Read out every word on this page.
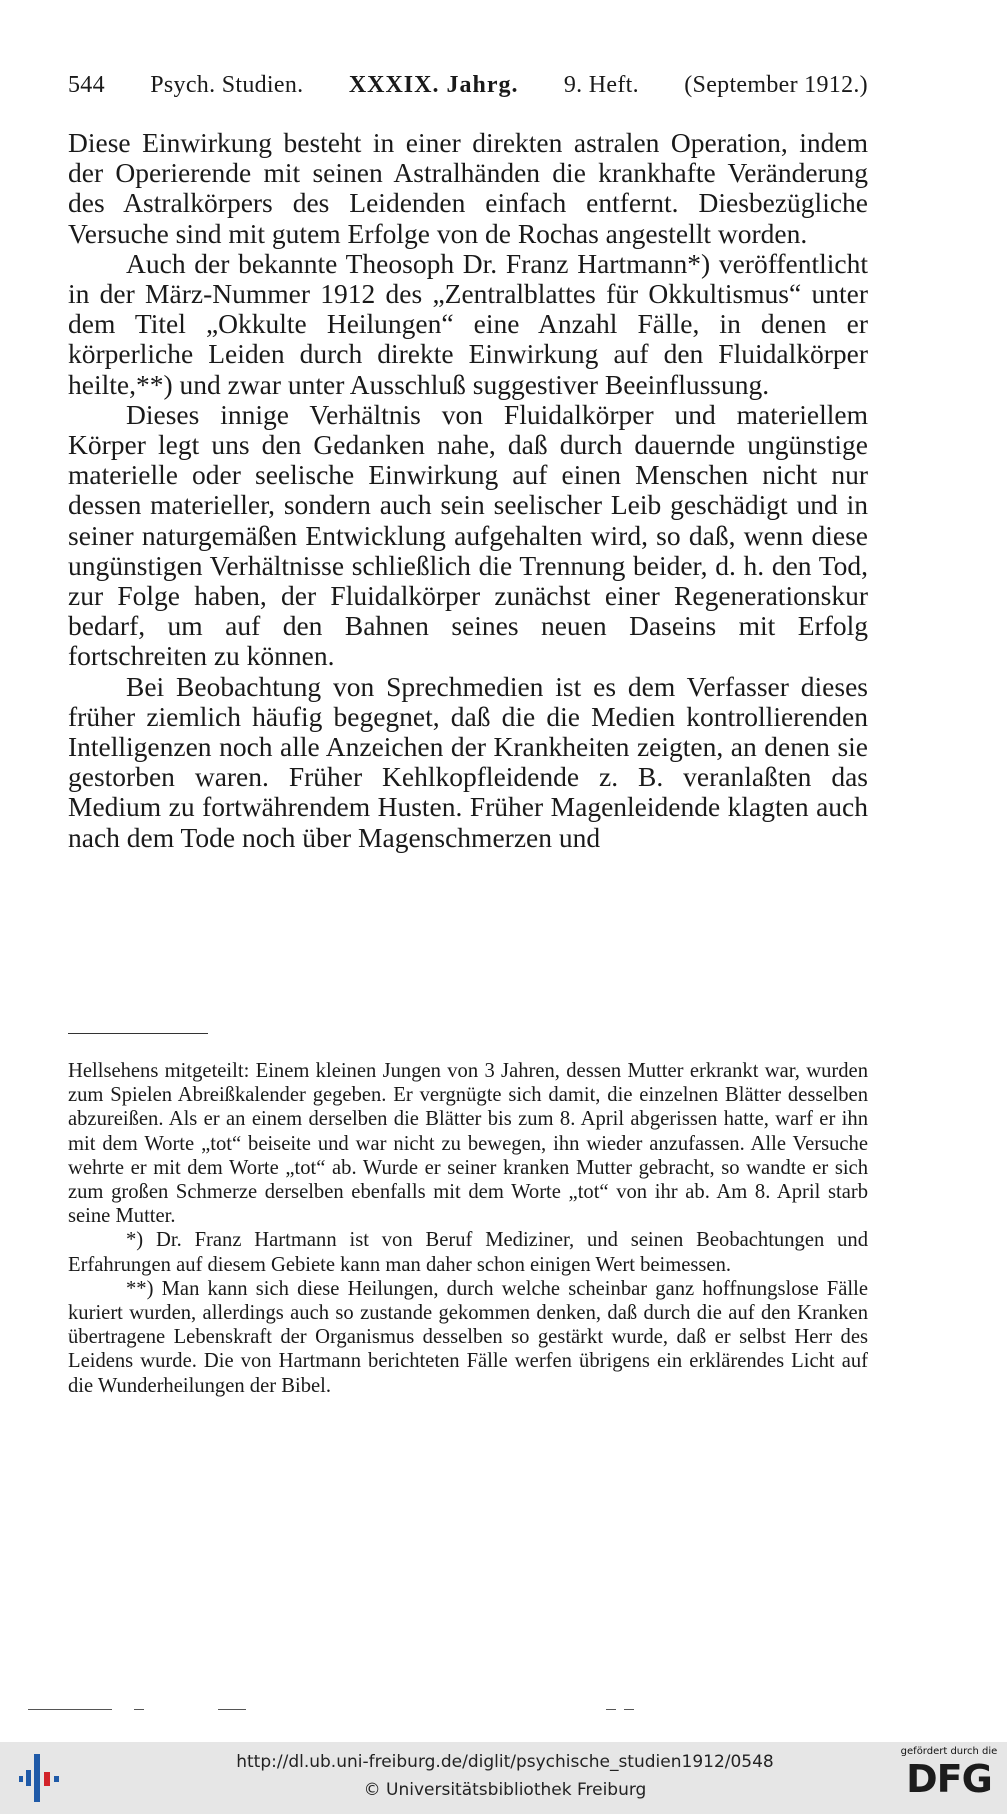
544 Psych. Studien. XXXIX. Jahrg. 9. Heft. (September 1912.)

Diese Einwirkung besteht in einer direkten astralen Operation, indem der Operierende mit seinen Astralhänden die krankhafte Veränderung des Astralkörpers des Leidenden einfach entfernt. Diesbezügliche Versuche sind mit gutem Erfolge von de Rochas angestellt worden.

Auch der bekannte Theosoph Dr. Franz Hartmann*) veröffentlicht in der März-Nummer 1912 des „Zentralblattes für Okkultismus“ unter dem Titel „Okkulte Heilungen“ eine Anzahl Fälle, in denen er körperliche Leiden durch direkte Einwirkung auf den Fluidalkörper heilte,**) und zwar unter Ausschluß suggestiver Beeinflussung.

Dieses innige Verhältnis von Fluidalkörper und materiellem Körper legt uns den Gedanken nahe, daß durch dauernde ungünstige materielle oder seelische Einwirkung auf einen Menschen nicht nur dessen materieller, sondern auch sein seelischer Leib geschädigt und in seiner naturgemäßen Entwicklung aufgehalten wird, so daß, wenn diese ungünstigen Verhältnisse schließlich die Trennung beider, d. h. den Tod, zur Folge haben, der Fluidalkörper zunächst einer Regenerationskur bedarf, um auf den Bahnen seines neuen Daseins mit Erfolg fortschreiten zu können.

Bei Beobachtung von Sprechmedien ist es dem Verfasser dieses früher ziemlich häufig begegnet, daß die die Medien kontrollierenden Intelligenzen noch alle Anzeichen der Krankheiten zeigten, an denen sie gestorben waren. Früher Kehlkopfleidende z. B. veranlaßten das Medium zu fortwährendem Husten. Früher Magenleidende klagten auch nach dem Tode noch über Magenschmerzen und

Hellsehens mitgeteilt: Einem kleinen Jungen von 3 Jahren, dessen Mutter erkrankt war, wurden zum Spielen Abreißkalender gegeben. Er vergnügte sich damit, die einzelnen Blätter desselben abzureißen. Als er an einem derselben die Blätter bis zum 8. April abgerissen hatte, warf er ihn mit dem Worte „tot“ beiseite und war nicht zu bewegen, ihn wieder anzufassen. Alle Versuche wehrte er mit dem Worte „tot“ ab. Wurde er seiner kranken Mutter gebracht, so wandte er sich zum großen Schmerze derselben ebenfalls mit dem Worte „tot“ von ihr ab. Am 8. April starb seine Mutter.

*) Dr. Franz Hartmann ist von Beruf Mediziner, und seinen Beobachtungen und Erfahrungen auf diesem Gebiete kann man daher schon einigen Wert beimessen.

**) Man kann sich diese Heilungen, durch welche scheinbar ganz hoffnungslose Fälle kuriert wurden, allerdings auch so zustande gekommen denken, daß durch die auf den Kranken übertragene Lebenskraft der Organismus desselben so gestärkt wurde, daß er selbst Herr des Leidens wurde. Die von Hartmann berichteten Fälle werfen übrigens ein erklärendes Licht auf die Wunderheilungen der Bibel.

http://dl.ub.uni-freiburg.de/diglit/psychische_studien1912/0548
© Universitätsbibliothek Freiburg
gefördert durch die
DFG
